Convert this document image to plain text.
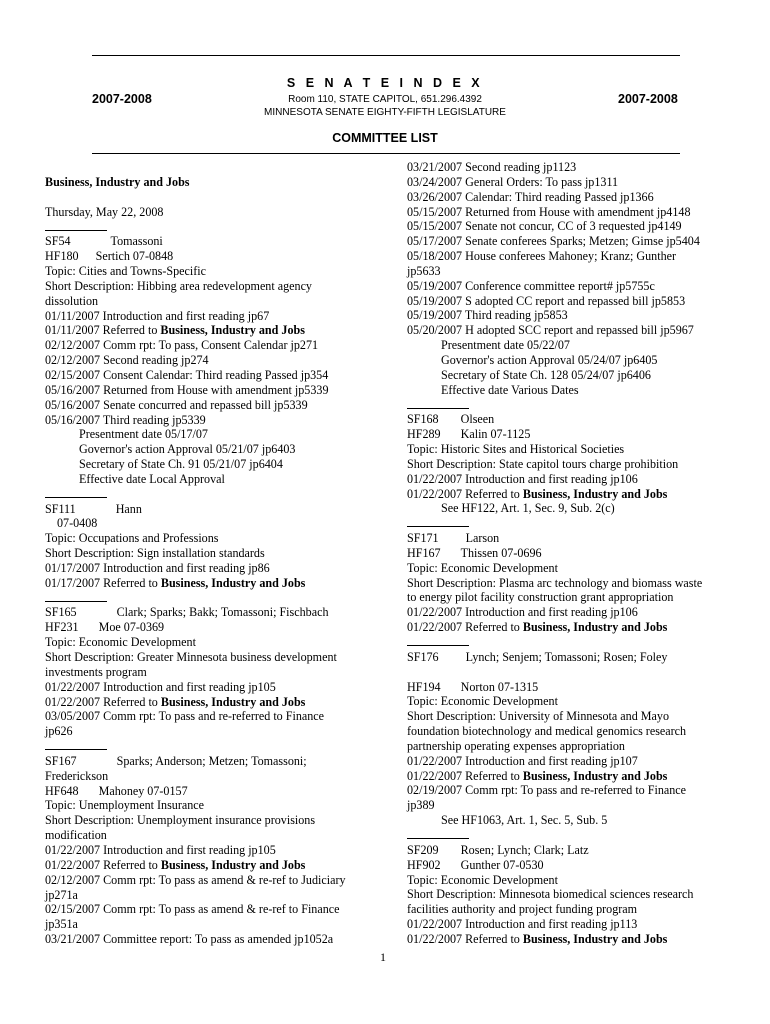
S E N A T E I N D E X
2007-2008	2007-2008
Room 110, STATE CAPITOL, 651.296.4392
MINNESOTA SENATE EIGHTY-FIFTH LEGISLATURE
COMMITTEE LIST
Business, Industry and Jobs
Thursday, May 22, 2008
SF54	Tomassoni
HF180 Sertich 07-0848
Topic: Cities and Towns-Specific
Short Description: Hibbing area redevelopment agency
dissolution
01/11/2007 Introduction and first reading jp67
01/11/2007 Referred to Business, Industry and Jobs
02/12/2007 Comm rpt: To pass, Consent Calendar jp271
02/12/2007 Second reading jp274
02/15/2007 Consent Calendar: Third reading Passed jp354
05/16/2007 Returned from House with amendment jp5339
05/16/2007 Senate concurred and repassed bill jp5339
05/16/2007 Third reading jp5339
Presentment date 05/17/07
Governor's action Approval 05/21/07 jp6403
Secretary of State Ch. 91 05/21/07 jp6404
Effective date Local Approval
SF111	Hann
07-0408
Topic: Occupations and Professions
Short Description: Sign installation standards
01/17/2007 Introduction and first reading jp86
01/17/2007 Referred to Business, Industry and Jobs
SF165	Clark; Sparks; Bakk; Tomassoni; Fischbach
HF231 Moe 07-0369
Topic: Economic Development
Short Description: Greater Minnesota business development
investments program
01/22/2007 Introduction and first reading jp105
01/22/2007 Referred to Business, Industry and Jobs
03/05/2007 Comm rpt: To pass and re-referred to Finance
jp626
SF167	Sparks; Anderson; Metzen; Tomassoni;
Frederickson
HF648 Mahoney 07-0157
Topic: Unemployment Insurance
Short Description: Unemployment insurance provisions
modification
01/22/2007 Introduction and first reading jp105
01/22/2007 Referred to Business, Industry and Jobs
02/12/2007 Comm rpt: To pass as amend & re-ref to Judiciary
jp271a
02/15/2007 Comm rpt: To pass as amend & re-ref to Finance
jp351a
03/21/2007 Committee report: To pass as amended jp1052a
03/21/2007 Second reading jp1123
03/24/2007 General Orders: To pass jp1311
03/26/2007 Calendar: Third reading Passed jp1366
05/15/2007 Returned from House with amendment jp4148
05/15/2007 Senate not concur, CC of 3 requested jp4149
05/17/2007 Senate conferees Sparks; Metzen; Gimse jp5404
05/18/2007 House conferees Mahoney; Kranz; Gunther
jp5633
05/19/2007 Conference committee report# jp5755c
05/19/2007 S adopted CC report and repassed bill jp5853
05/19/2007 Third reading jp5853
05/20/2007 H adopted SCC report and repassed bill jp5967
Presentment date 05/22/07
Governor's action Approval 05/24/07 jp6405
Secretary of State Ch. 128 05/24/07 jp6406
Effective date Various Dates
SF168 Olseen
HF289 Kalin 07-1125
Topic: Historic Sites and Historical Societies
Short Description: State capitol tours charge prohibition
01/22/2007 Introduction and first reading jp106
01/22/2007 Referred to Business, Industry and Jobs
See HF122, Art. 1, Sec. 9, Sub. 2(c)
SF171 Larson
HF167 Thissen 07-0696
Topic: Economic Development
Short Description: Plasma arc technology and biomass waste
to energy pilot facility construction grant appropriation
01/22/2007 Introduction and first reading jp106
01/22/2007 Referred to Business, Industry and Jobs
SF176 Lynch; Senjem; Tomassoni; Rosen; Foley
HF194 Norton 07-1315
Topic: Economic Development
Short Description: University of Minnesota and Mayo
foundation biotechnology and medical genomics research
partnership operating expenses appropriation
01/22/2007 Introduction and first reading jp107
01/22/2007 Referred to Business, Industry and Jobs
02/19/2007 Comm rpt: To pass and re-referred to Finance
jp389
See HF1063, Art. 1, Sec. 5, Sub. 5
SF209 Rosen; Lynch; Clark; Latz
HF902 Gunther 07-0530
Topic: Economic Development
Short Description: Minnesota biomedical sciences research
facilities authority and project funding program
01/22/2007 Introduction and first reading jp113
01/22/2007 Referred to Business, Industry and Jobs
1
